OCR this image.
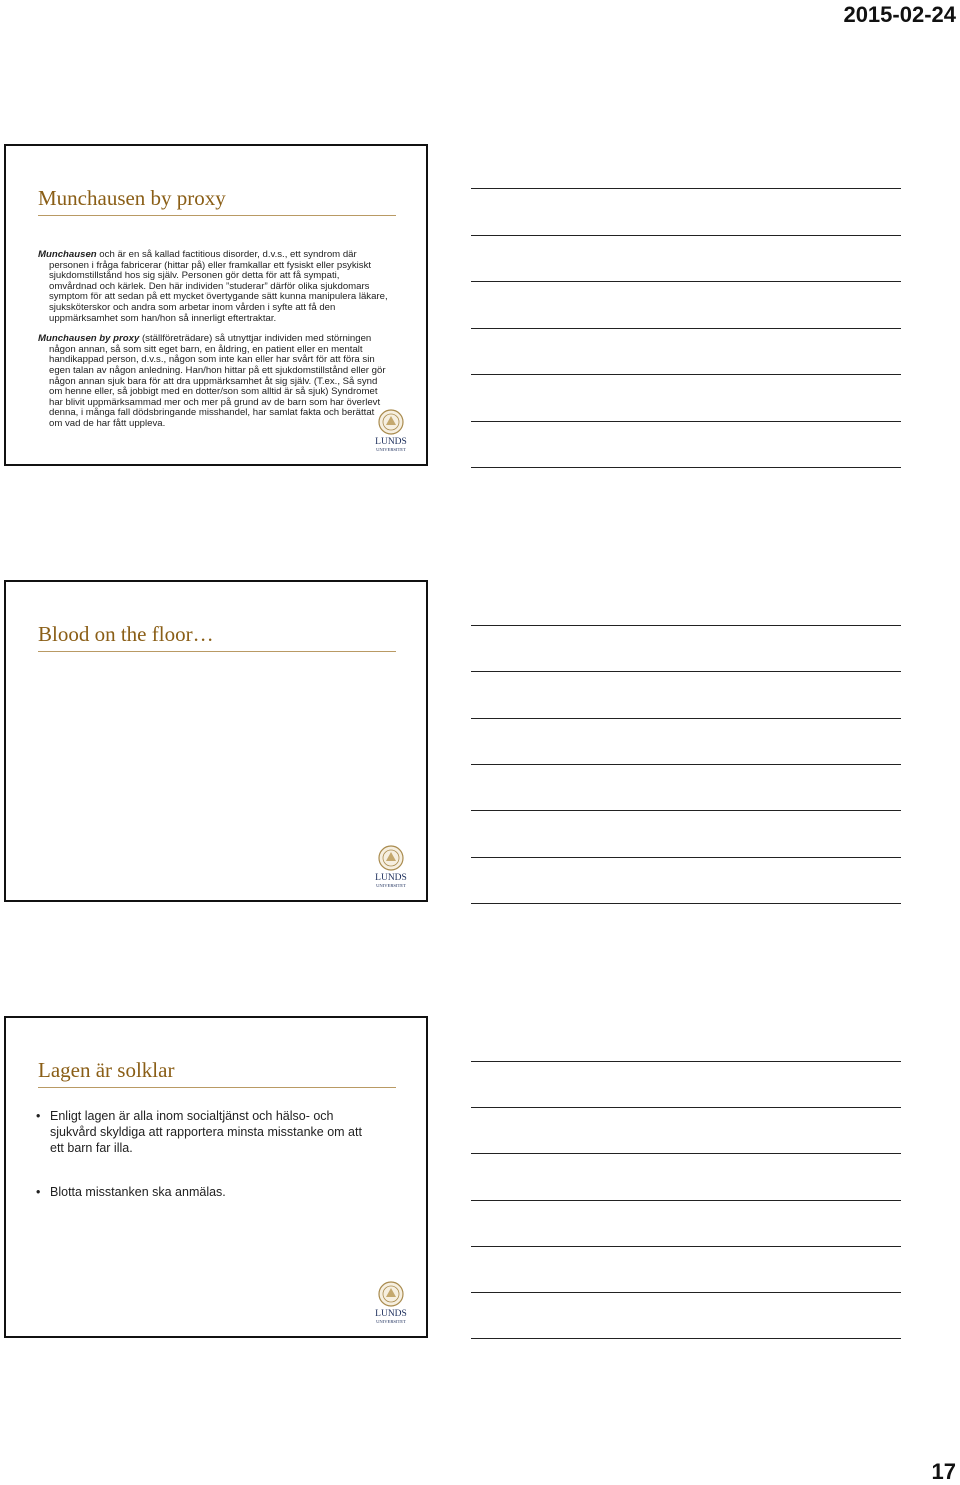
2015-02-24
Munchausen by proxy

Munchausen och är en så kallad factitious disorder, d.v.s., ett syndrom där personen i fråga fabricerar (hittar på) eller framkallar ett fysiskt eller psykiskt sjukdomstillstånd hos sig själv. Personen gör detta för att få sympati, omvårdnad och kärlek. Den här individen ”studerar” därför olika sjukdomars symptom för att sedan på ett mycket övertygande sätt kunna manipulera läkare, sjuksköterskor och andra som arbetar inom vården i syfte att få den uppmärksamhet som han/hon så innerligt eftertraktar.

Munchausen by proxy (ställföreträdare) så utnyttjar individen med störningen någon annan, så som sitt eget barn, en åldring, en patient eller en mentalt handikappad person, d.v.s., någon som inte kan eller har svårt för att föra sin egen talan av någon anledning. Han/hon hittar på ett sjukdomstillstånd eller gör någon annan sjuk bara för att dra uppmärksamhet åt sig själv. (T.ex., Så synd om henne eller, så jobbigt med en dotter/son som alltid är så sjuk) Syndromet har blivit uppmärksammad mer och mer på grund av de barn som har överlevt denna, i många fall dödsbringande misshandel, har samlat fakta och berättat om vad de har fått uppleva.

LUNDS
UNIVERSITET
Blood on the floor…
LUNDS
UNIVERSITET
Lagen är solklar
• Enligt lagen är alla inom socialtjänst och hälso- och sjukvård skyldiga att rapportera minsta misstanke om att ett barn far illa.
• Blotta misstanken ska anmälas.
LUNDS
UNIVERSITET
17
